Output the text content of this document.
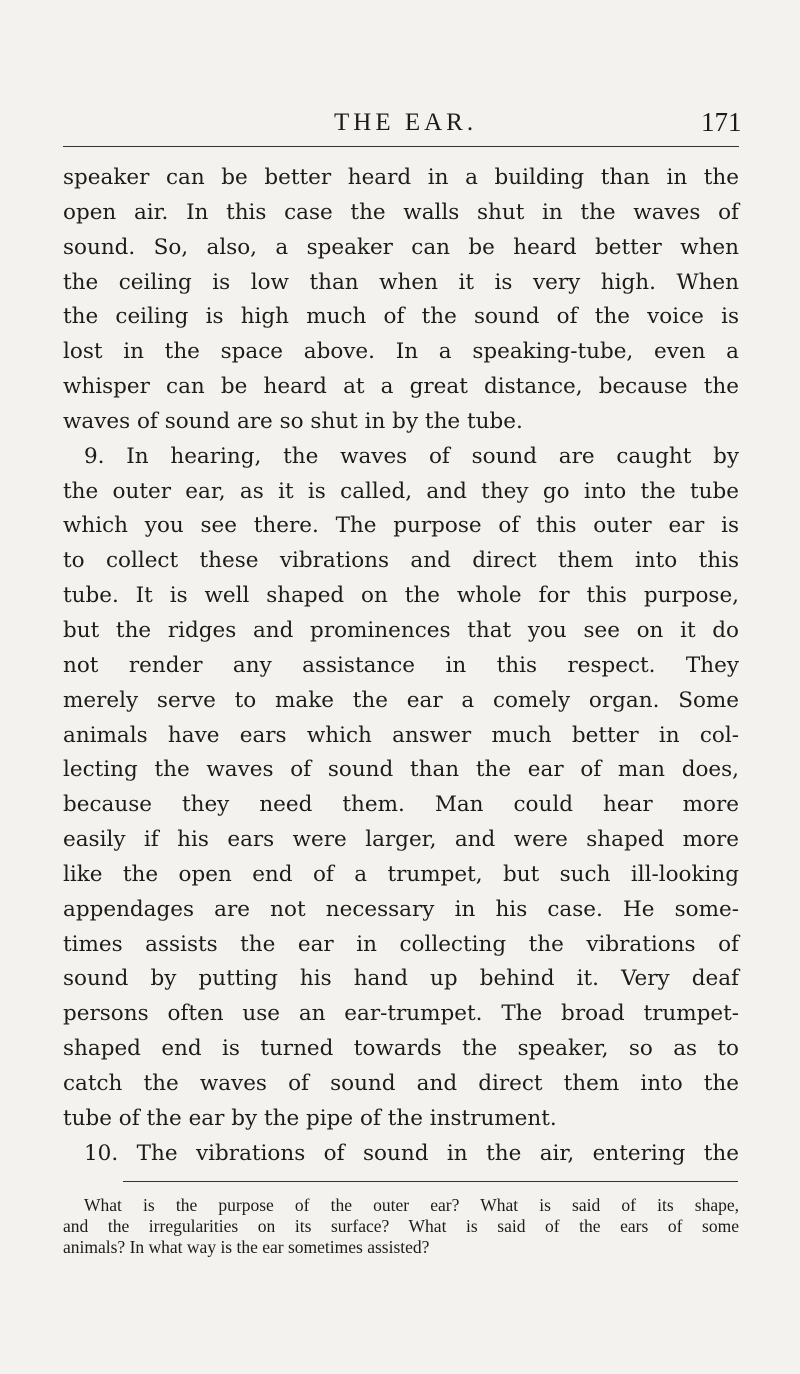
THE EAR.	171
speaker can be better heard in a building than in the
open air. In this case the walls shut in the waves of
sound. So, also, a speaker can be heard better when
the ceiling is low than when it is very high. When
the ceiling is high much of the sound of the voice is
lost in the space above. In a speaking-tube, even a
whisper can be heard at a great distance, because the
waves of sound are so shut in by the tube.
9. In hearing, the waves of sound are caught by
the outer ear, as it is called, and they go into the tube
which you see there. The purpose of this outer ear is
to collect these vibrations and direct them into this
tube. It is well shaped on the whole for this purpose,
but the ridges and prominences that you see on it do
not render any assistance in this respect. They
merely serve to make the ear a comely organ. Some
animals have ears which answer much better in col-
lecting the waves of sound than the ear of man does,
because they need them. Man could hear more
easily if his ears were larger, and were shaped more
like the open end of a trumpet, but such ill-looking
appendages are not necessary in his case. He some-
times assists the ear in collecting the vibrations of
sound by putting his hand up behind it. Very deaf
persons often use an ear-trumpet. The broad trumpet-
shaped end is turned towards the speaker, so as to
catch the waves of sound and direct them into the
tube of the ear by the pipe of the instrument.
10. The vibrations of sound in the air, entering the
What is the purpose of the outer ear? What is said of its shape,
and the irregularities on its surface? What is said of the ears of some
animals? In what way is the ear sometimes assisted?
